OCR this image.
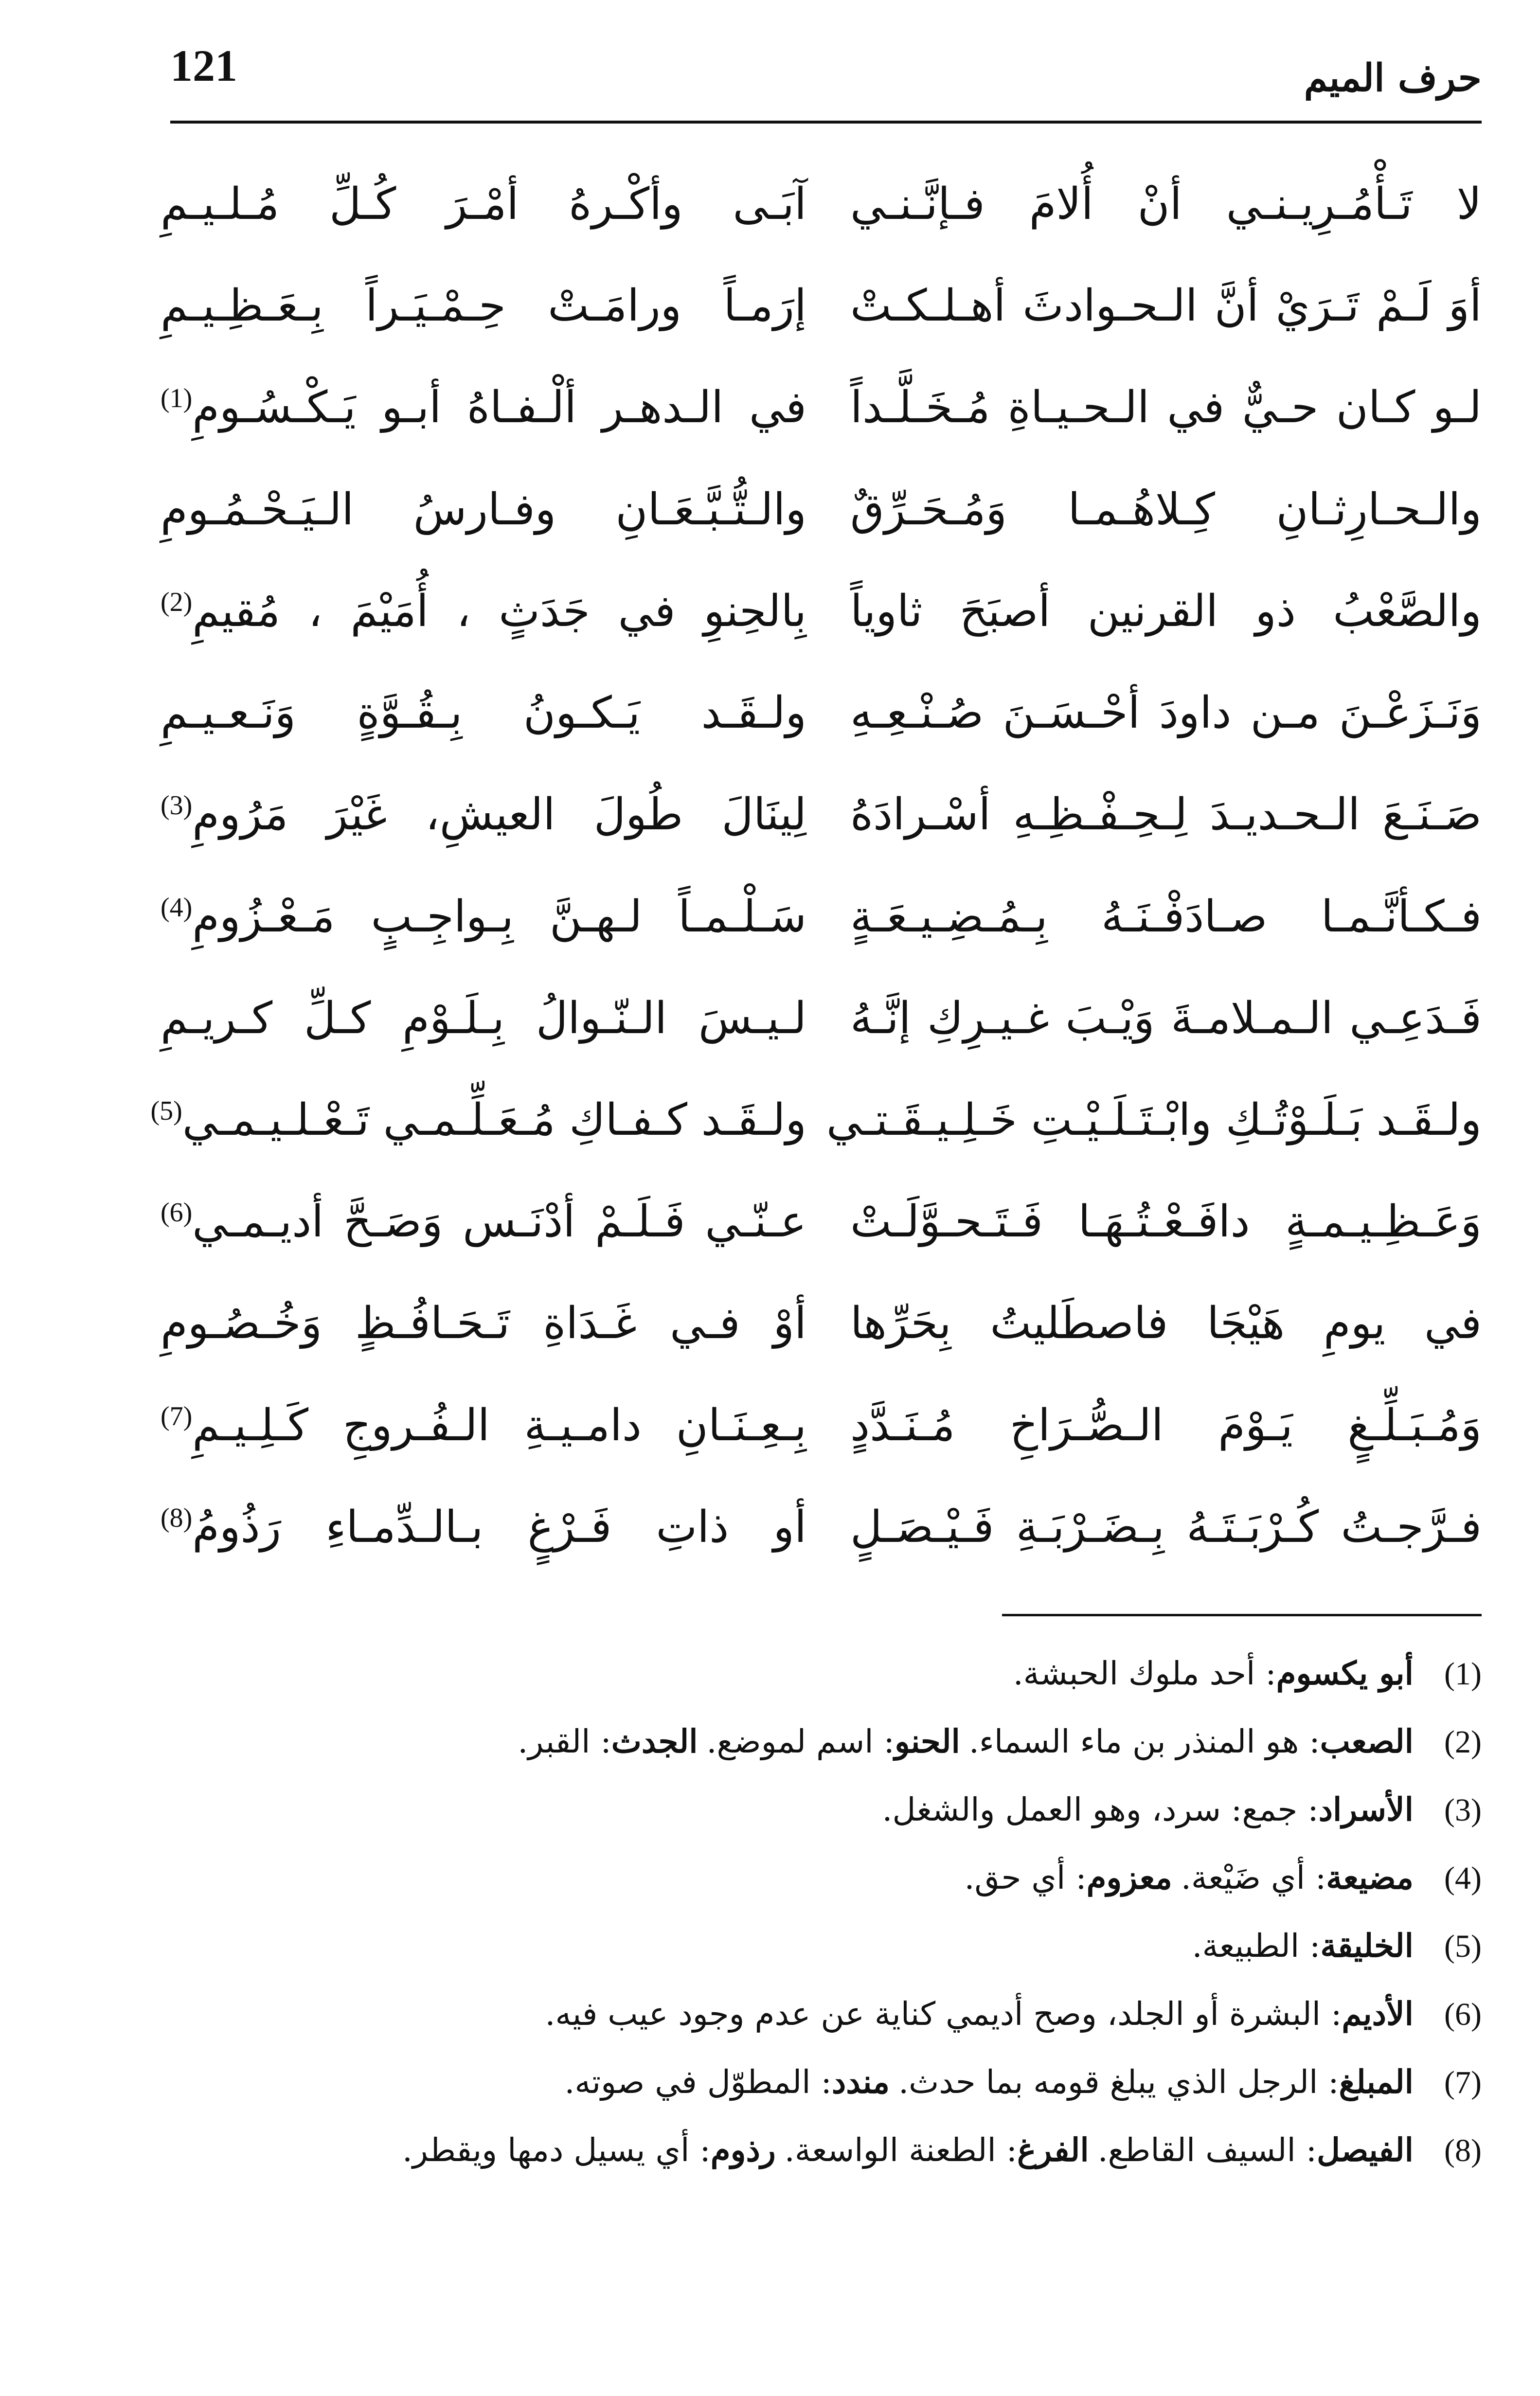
121	حرف الميم
لا تَـأْمُـرِيـنـي أنْ أُلامَ فـإنَّـنـي
آبَـى وأكْـرهُ أمْـرَ كُـلِّ مُـلـيـمِ
أوَ لَـمْ تَـرَيْ أنَّ الـحـوادثَ أهـلـكـتْ
إرَمـاً ورامَـتْ حِـمْـيَـراً بِـعَـظِـيـمِ
لـو كـان حـيٌّ في الـحـيـاةِ مُـخَـلَّـداً
في الـدهـر ألْـفـاهُ أبـو يَـكْـسُـومِ(1)
والـحـارِثـانِ كِـلاهُـمـا وَمُـحَـرِّقٌ
والـتُّـبَّـعَـانِ وفـارسُ الـيَـحْـمُـومِ
والصَّعْبُ ذو القرنين أصبَحَ ثاوياً
بِالحِنوِ في جَدَثٍ ، أُمَيْمَ ، مُقيمِ(2)
وَنَـزَعْـنَ مـن داودَ أحْـسَـنَ صُـنْـعِـهِ
ولـقَـد يَـكـونُ بِـقُـوَّةٍ وَنَـعـيـمِ
صَـنَـعَ الـحـديـدَ لِـحِـفْـظِـهِ أسْـرادَهُ
لِينَالَ طُولَ العيشِ، غَيْرَ مَرُومِ(3)
فـكـأنَّـمـا صـادَفْـنَـهُ بِـمُـضِـيـعَـةٍ
سَـلْـمـاً لـهـنَّ بِـواجِـبٍ مَـعْـزُومِ(4)
فَـدَعِـي الـمـلامـةَ وَيْـبَ غـيـرِكِ إنَّـهُ
لـيـسَ الـنّـوالُ بِـلَـوْمِ كـلِّ كـريـمِ
ولـقَـد بَـلَـوْتُـكِ وابْـتَـلَـيْـتِ خَـلِـيـقَـتـي
ولـقَـد كـفـاكِ مُـعَـلِّـمـي تَـعْـلـيـمـي(5)
وَعَـظِـيـمـةٍ دافَـعْـتُـهَـا فَـتَـحـوَّلَـتْ
عـنّـي فَـلَـمْ أدْنَـس وَصَـحَّ أديـمـي(6)
في يومِ هَيْجَا فاصطَليتُ بِحَرِّها
أوْ فـي غَـدَاةِ تَـحَـافُـظٍ وَخُـصُـومِ
وَمُـبَـلِّـغٍ يَـوْمَ الـصُّـرَاخِ مُـنَـدَّدٍ
بِـعِـنَـانِ دامـيـةِ الـفُـروجِ كَـلِـيـمِ(7)
فـرَّجـتُ كُـرْبَـتَـهُ بِـضَـرْبَـةِ فَـيْـصَـلٍ
أو ذاتِ فَـرْغٍ بـالـدِّمـاءِ رَذُومُ(8)
(1)
أبو يكسوم: أحد ملوك الحبشة.
(2)
الصعب: هو المنذر بن ماء السماء.الحنو: اسم لموضع.الجدث: القبر.
(3)
الأسراد: جمع: سرد، وهو العمل والشغل.
(4)
مضيعة: أي ضَيْعة.معزوم: أي حق.
(5)
الخليقة: الطبيعة.
(6)
الأديم: البشرة أو الجلد، وصح أديمي كناية عن عدم وجود عيب فيه.
(7)
المبلغ: الرجل الذي يبلغ قومه بما حدث.مندد: المطوّل في صوته.
(8)
الفيصل: السيف القاطع.الفرغ: الطعنة الواسعة.رذوم: أي يسيل دمها ويقطر.
